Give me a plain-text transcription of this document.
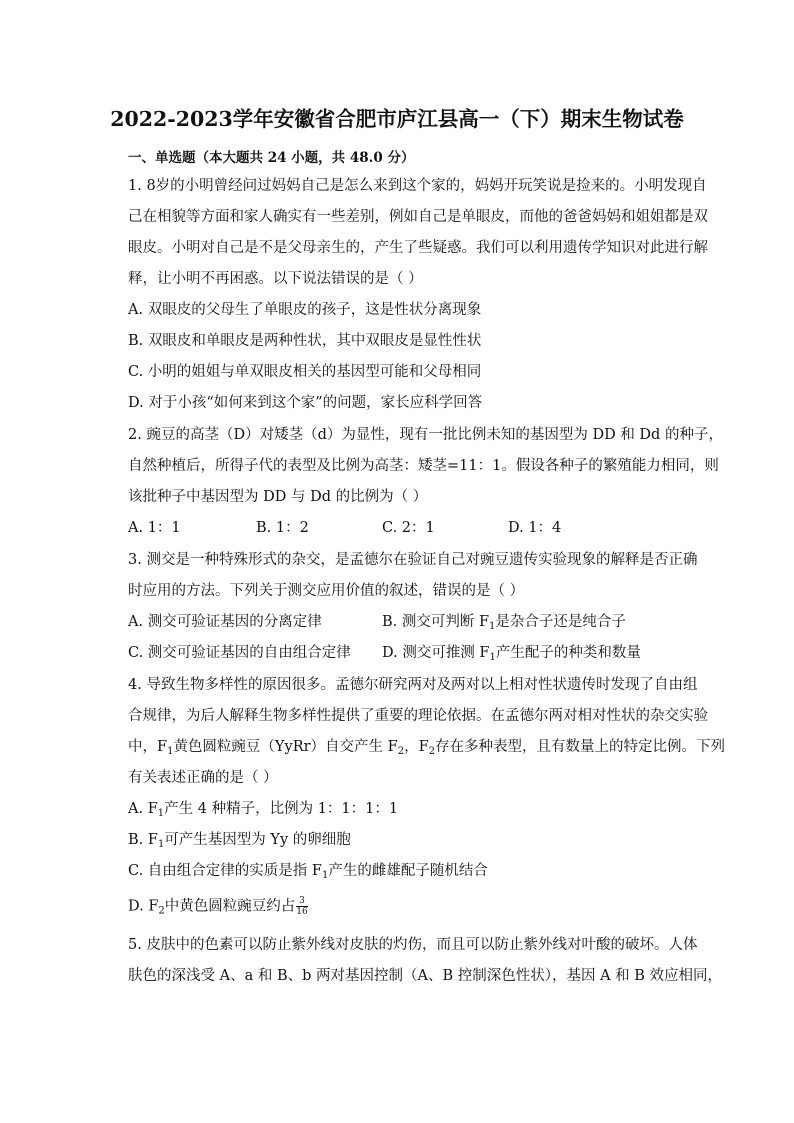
2022-2023学年安徽省合肥市庐江县高一（下）期末生物试卷
一、单选题（本大题共 24 小题，共 48.0 分）
1. 8岁的小明曾经问过妈妈自己是怎么来到这个家的，妈妈开玩笑说是捡来的。小明发现自
己在相貌等方面和家人确实有一些差别，例如自己是单眼皮，而他的爸爸妈妈和姐姐都是双
眼皮。小明对自己是不是父母亲生的，产生了些疑惑。我们可以利用遗传学知识对此进行解
释，让小明不再困惑。以下说法错误的是（ ）
A. 双眼皮的父母生了单眼皮的孩子，这是性状分离现象
B. 双眼皮和单眼皮是两种性状，其中双眼皮是显性性状
C. 小明的姐姐与单双眼皮相关的基因型可能和父母相同
D. 对于小孩“如何来到这个家”的问题，家长应科学回答
2. 豌豆的高茎（D）对矮茎（d）为显性，现有一批比例未知的基因型为 DD 和 Dd 的种子，
自然种植后，所得子代的表型及比例为高茎：矮茎=11：1。假设各种子的繁殖能力相同，则
该批种子中基因型为 DD 与 Dd 的比例为（ ）
A. 1：1	B. 1：2	C. 2：1	D. 1：4
3. 测交是一种特殊形式的杂交，是孟德尔在验证自己对豌豆遗传实验现象的解释是否正确
时应用的方法。下列关于测交应用价值的叙述，错误的是（ ）
A. 测交可验证基因的分离定律	B. 测交可判断 $F_1$是杂合子还是纯合子
C. 测交可验证基因的自由组合定律 D. 测交可推测 $F_1$产生配子的种类和数量
4. 导致生物多样性的原因很多。孟德尔研究两对及两对以上相对性状遗传时发现了自由组
合规律，为后人解释生物多样性提供了重要的理论依据。在孟德尔两对相对性状的杂交实验
中，$F_1$黄色圆粒豌豆（YyRr）自交产生 $F_2$，$F_2$存在多种表型，且有数量上的特定比例。下列
有关表述正确的是（ ）
A. $F_1$产生 4 种精子，比例为 1：1：1：1
B. $F_1$可产生基因型为 Yy 的卵细胞
C. 自由组合定律的实质是指 $F_1$产生的雌雄配子随机结合
D. $F_2$中黄色圆粒豌豆约占 $\frac{3}{16}$
5. 皮肤中的色素可以防止紫外线对皮肤的灼伤，而且可以防止紫外线对叶酸的破坏。人体
肤色的深浅受 A、a 和 B、b 两对基因控制（A、B 控制深色性状），基因 A 和 B 效应相同，
